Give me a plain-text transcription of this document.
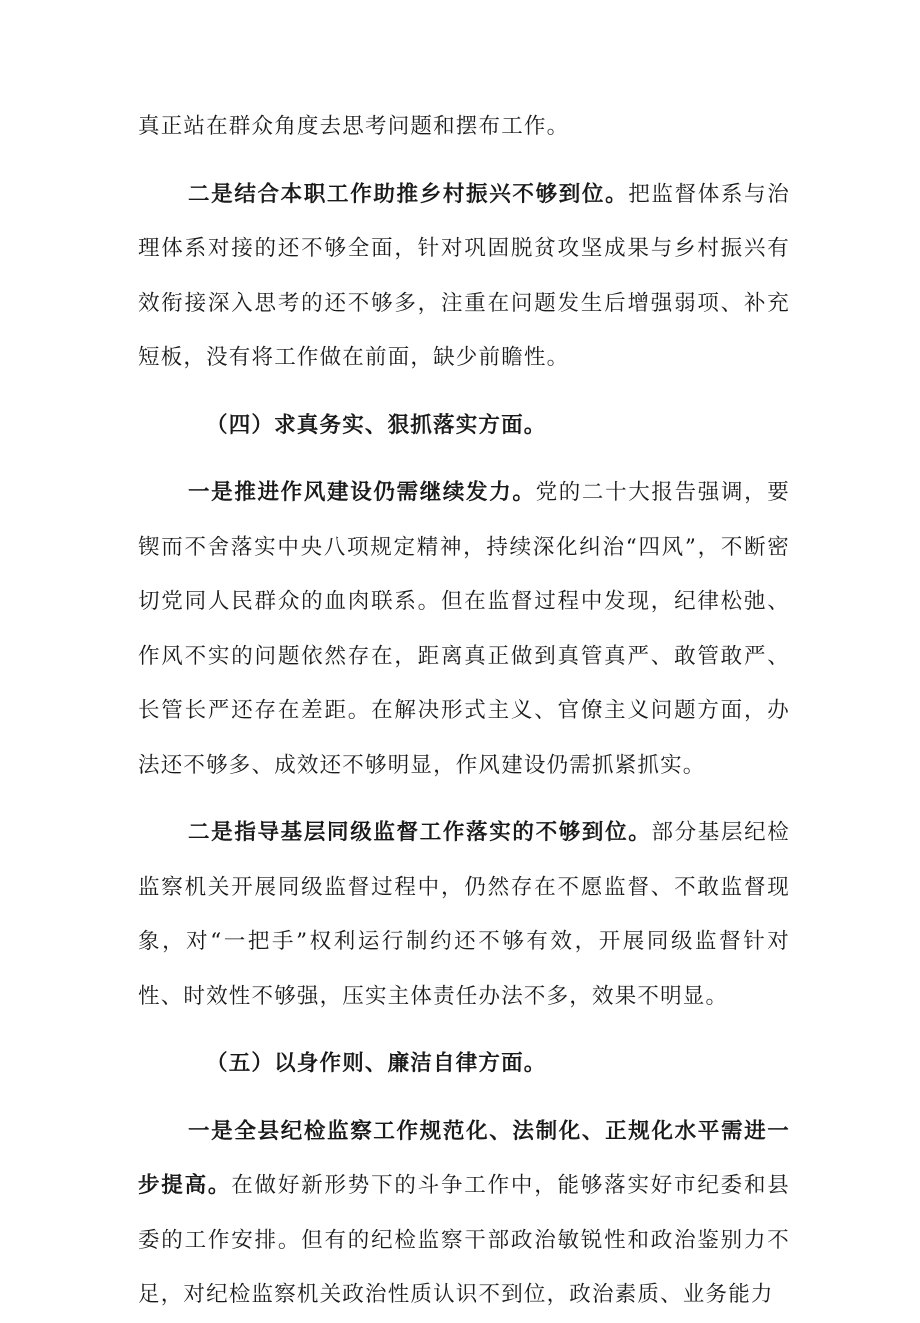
真正站在群众角度去思考问题和摆布工作。

二是结合本职工作助推乡村振兴不够到位。把监督体系与治理体系对接的还不够全面，针对巩固脱贫攻坚成果与乡村振兴有效衔接深入思考的还不够多，注重在问题发生后增强弱项、补充短板，没有将工作做在前面，缺少前瞻性。

（四）求真务实、狠抓落实方面。

一是推进作风建设仍需继续发力。党的二十大报告强调，要锲而不舍落实中央八项规定精神，持续深化纠治“四风”，不断密切党同人民群众的血肉联系。但在监督过程中发现，纪律松弛、作风不实的问题依然存在，距离真正做到真管真严、敢管敢严、长管长严还存在差距。在解决形式主义、官僚主义问题方面，办法还不够多、成效还不够明显，作风建设仍需抓紧抓实。

二是指导基层同级监督工作落实的不够到位。部分基层纪检监察机关开展同级监督过程中，仍然存在不愿监督、不敢监督现象，对“一把手”权利运行制约还不够有效，开展同级监督针对性、时效性不够强，压实主体责任办法不多，效果不明显。

（五）以身作则、廉洁自律方面。

一是全县纪检监察工作规范化、法制化、正规化水平需进一步提高。在做好新形势下的斗争工作中，能够落实好市纪委和县委的工作安排。但有的纪检监察干部政治敏锐性和政治鉴别力不足，对纪检监察机关政治性质认识不到位，政治素质、业务能力
